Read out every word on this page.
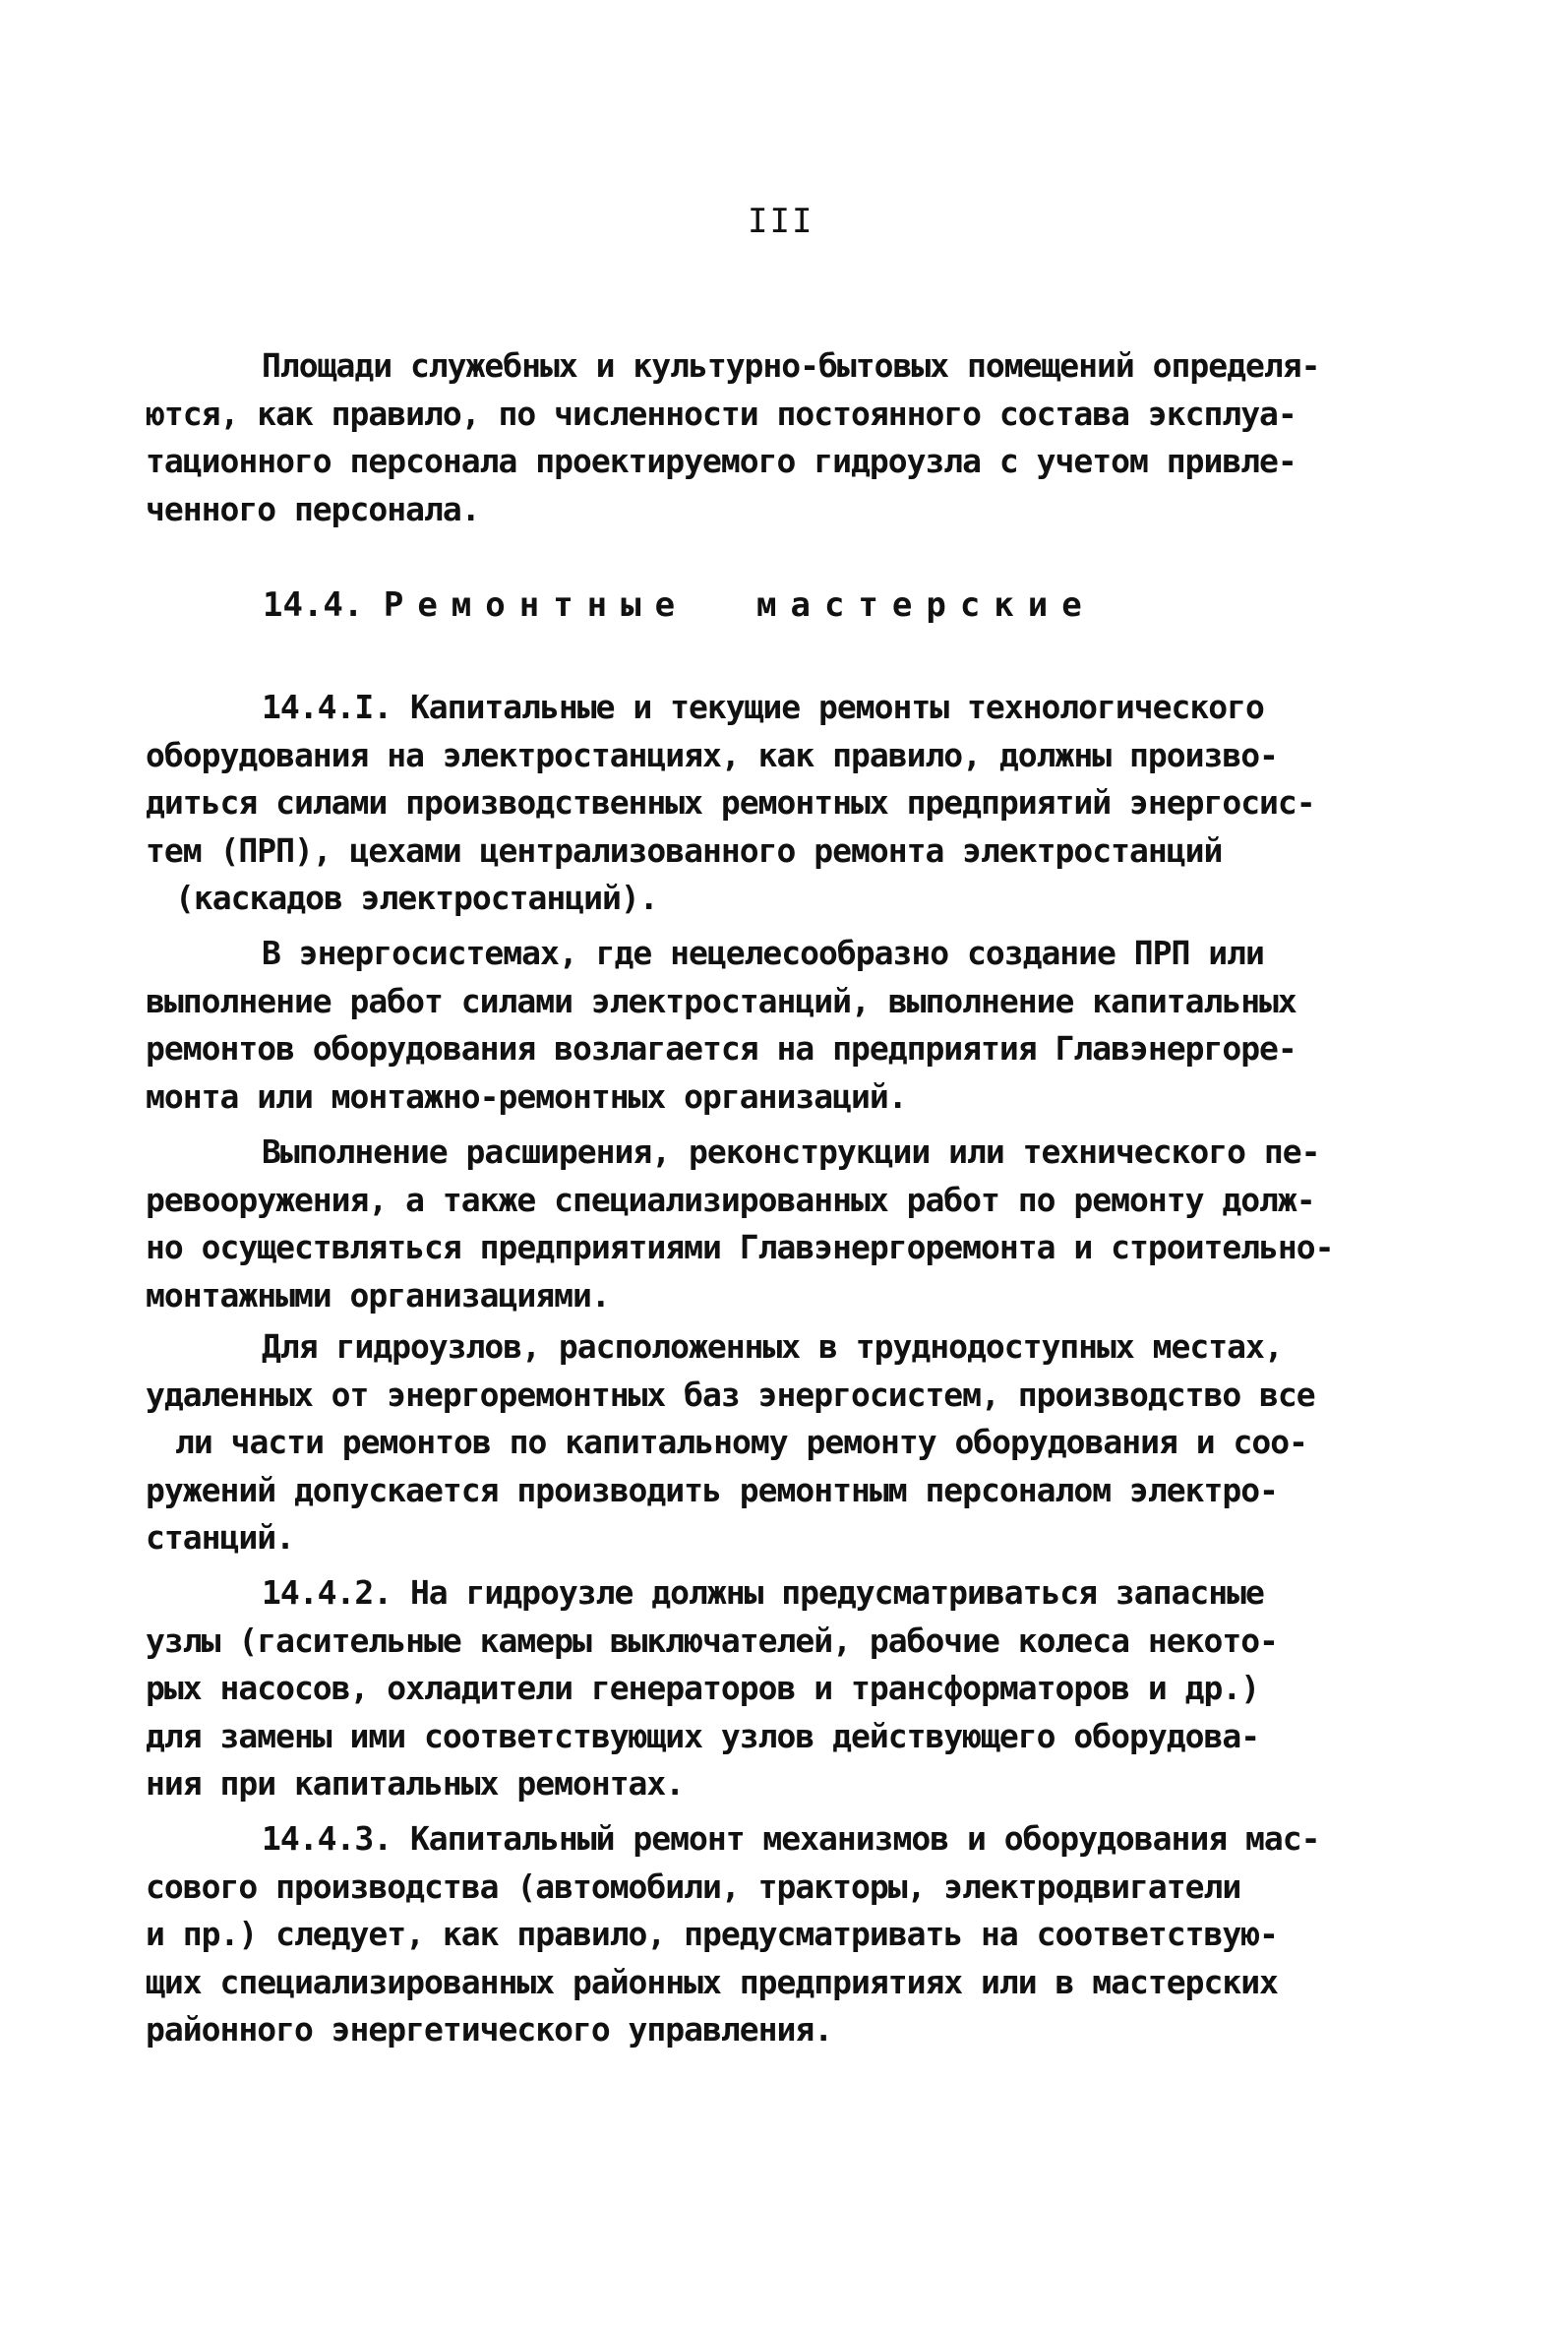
III
Площади служебных и культурно-бытовых помещений определя-
ются, как правило, по численности постоянного состава эксплуа-
тационного персонала проектируемого гидроузла с учетом привле-
ченного персонала.
14.4. Ремонтные  мастерские
14.4.I. Капитальные и текущие ремонты технологического
оборудования на электростанциях, как правило, должны произво-
диться силами производственных ремонтных предприятий энергосис-
тем (ПРП), цехами централизованного ремонта электростанций
(каскадов электростанций).
В энергосистемах, где нецелесообразно создание ПРП или
выполнение работ силами электростанций, выполнение капитальных
ремонтов оборудования возлагается на предприятия Главэнергоре-
монта или монтажно-ремонтных организаций.
Выполнение расширения, реконструкции или технического пе-
ревооружения, а также специализированных работ по ремонту долж-
но осуществляться предприятиями Главэнергоремонта и строительно-
монтажными организациями.
Для гидроузлов, расположенных в труднодоступных местах,
удаленных от энергоремонтных баз энергосистем, производство все
ли части ремонтов по капитальному ремонту оборудования и соо-
ружений допускается производить ремонтным персоналом электро-
станций.
14.4.2. На гидроузле должны предусматриваться запасные
узлы (гасительные камеры выключателей, рабочие колеса некото-
рых насосов, охладители генераторов и трансформаторов и др.)
для замены ими соответствующих узлов действующего оборудова-
ния при капитальных ремонтах.
14.4.3. Капитальный ремонт механизмов и оборудования мас-
сового производства (автомобили, тракторы, электродвигатели
и пр.) следует, как правило, предусматривать на соответствую-
щих специализированных районных предприятиях или в мастерских
районного энергетического управления.
